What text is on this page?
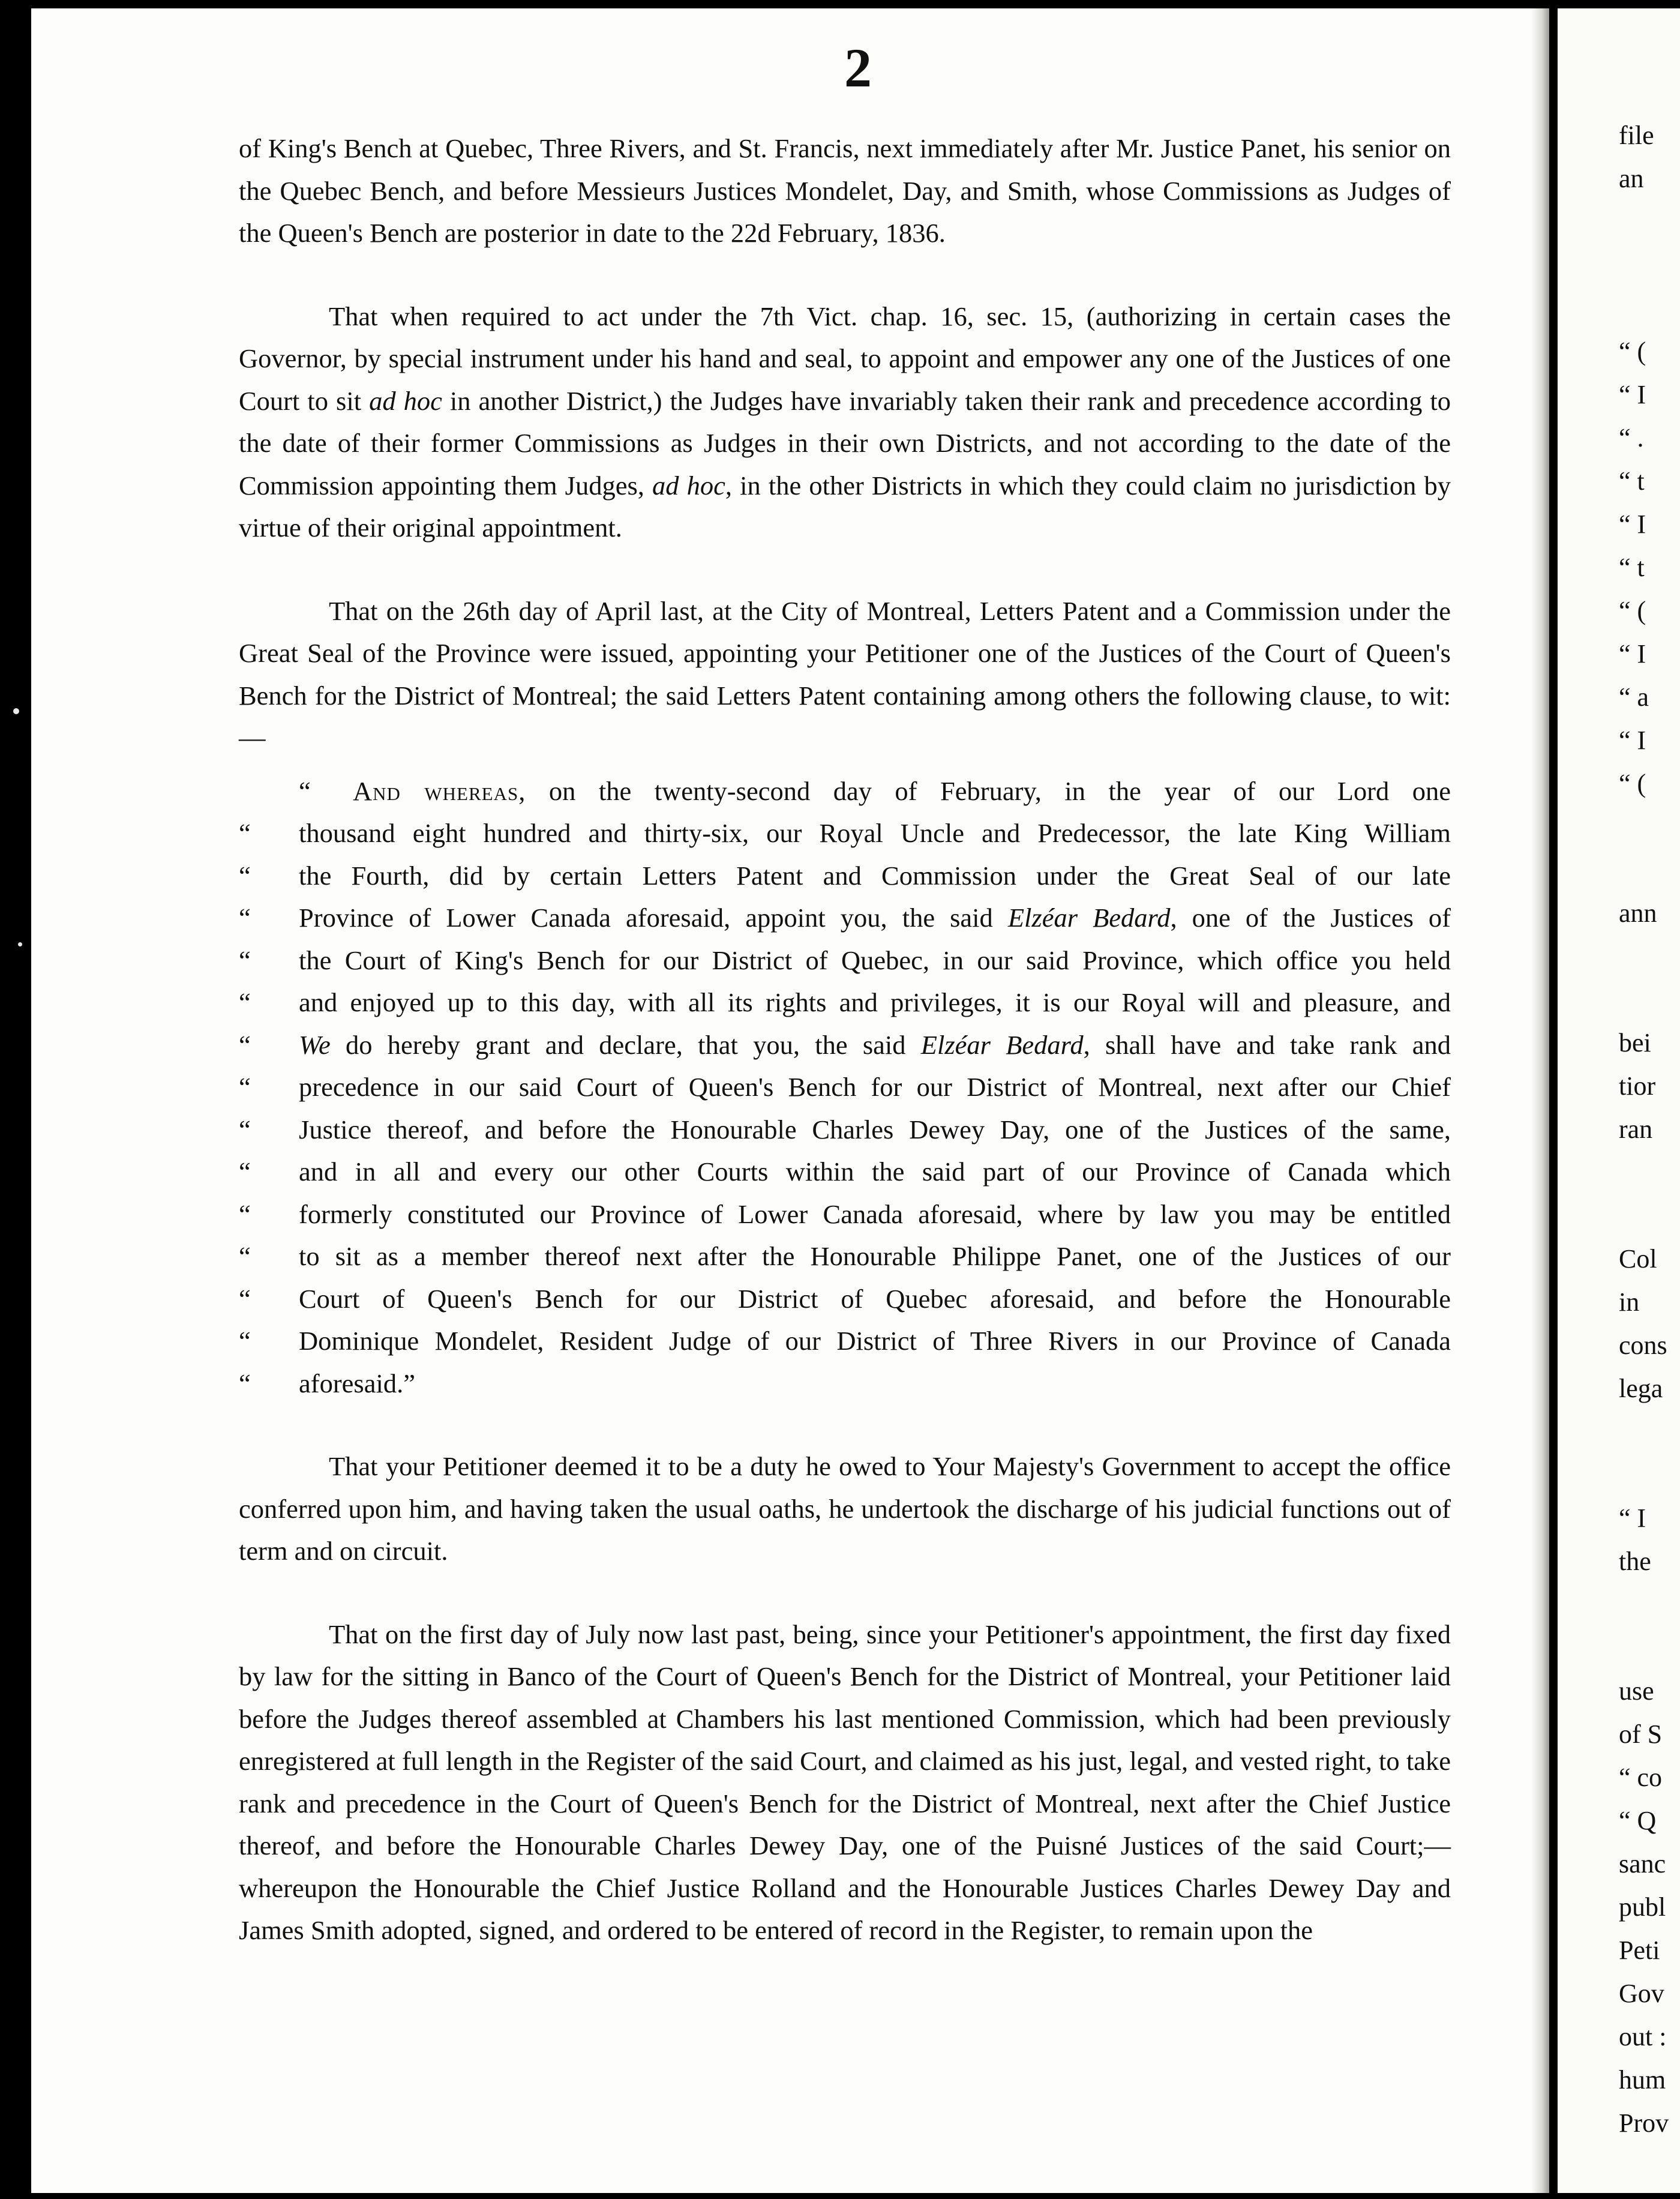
2

of King's Bench at Quebec, Three Rivers, and St. Francis, next immediately after Mr. Justice Panet, his senior on the Quebec Bench, and before Messieurs Justices Mondelet, Day, and Smith, whose Commissions as Judges of the Queen's Bench are posterior in date to the 22d February, 1836.

That when required to act under the 7th Vict. chap. 16, sec. 15, (authorizing in certain cases the Governor, by special instrument under his hand and seal, to appoint and empower any one of the Justices of one Court to sit ad hoc in another District,) the Judges have invariably taken their rank and precedence according to the date of their former Commissions as Judges in their own Districts, and not according to the date of the Commission appointing them Judges, ad hoc, in the other Districts in which they could claim no jurisdiction by virtue of their original appointment.

That on the 26th day of April last, at the City of Montreal, Letters Patent and a Commission under the Great Seal of the Province were issued, appointing your Petitioner one of the Justices of the Court of Queen's Bench for the District of Montreal; the said Letters Patent containing among others the following clause, to wit:—

“ And whereas, on the twenty-second day of February, in the year of our Lord one
“ thousand eight hundred and thirty-six, our Royal Uncle and Predecessor, the late King William
“ the Fourth, did by certain Letters Patent and Commission under the Great Seal of our late
“ Province of Lower Canada aforesaid, appoint you, the said Elzéar Bedard, one of the Justices of
“ the Court of King's Bench for our District of Quebec, in our said Province, which office you held
“ and enjoyed up to this day, with all its rights and privileges, it is our Royal will and pleasure, and
“ We do hereby grant and declare, that you, the said Elzéar Bedard, shall have and take rank and
“ precedence in our said Court of Queen's Bench for our District of Montreal, next after our Chief
“ Justice thereof, and before the Honourable Charles Dewey Day, one of the Justices of the same,
“ and in all and every our other Courts within the said part of our Province of Canada which
“ formerly constituted our Province of Lower Canada aforesaid, where by law you may be entitled
“ to sit as a member thereof next after the Honourable Philippe Panet, one of the Justices of our
“ Court of Queen's Bench for our District of Quebec aforesaid, and before the Honourable
“ Dominique Mondelet, Resident Judge of our District of Three Rivers in our Province of Canada
“ aforesaid.”

That your Petitioner deemed it to be a duty he owed to Your Majesty's Government to accept the office conferred upon him, and having taken the usual oaths, he undertook the discharge of his judicial functions out of term and on circuit.

That on the first day of July now last past, being, since your Petitioner's appointment, the first day fixed by law for the sitting in Banco of the Court of Queen's Bench for the District of Montreal, your Petitioner laid before the Judges thereof assembled at Chambers his last mentioned Commission, which had been previously enregistered at full length in the Register of the said Court, and claimed as his just, legal, and vested right, to take rank and precedence in the Court of Queen's Bench for the District of Montreal, next after the Chief Justice thereof, and before the Honourable Charles Dewey Day, one of the Puisné Justices of the said Court;—whereupon the Honourable the Chief Justice Rolland and the Honourable Justices Charles Dewey Day and James Smith adopted, signed, and ordered to be entered of record in the Register, to remain upon the

file
an

“ (
“ I
“ .
“ t
“ I
“ t
“ (
“ I
“ a
“ I
“ (

ann

bei
tior
ran

Col
in
cons
lega

“ I
the

use
of S
“ co
“ Q
sanc
publ
Peti
Gov
out :
hum
Prov
